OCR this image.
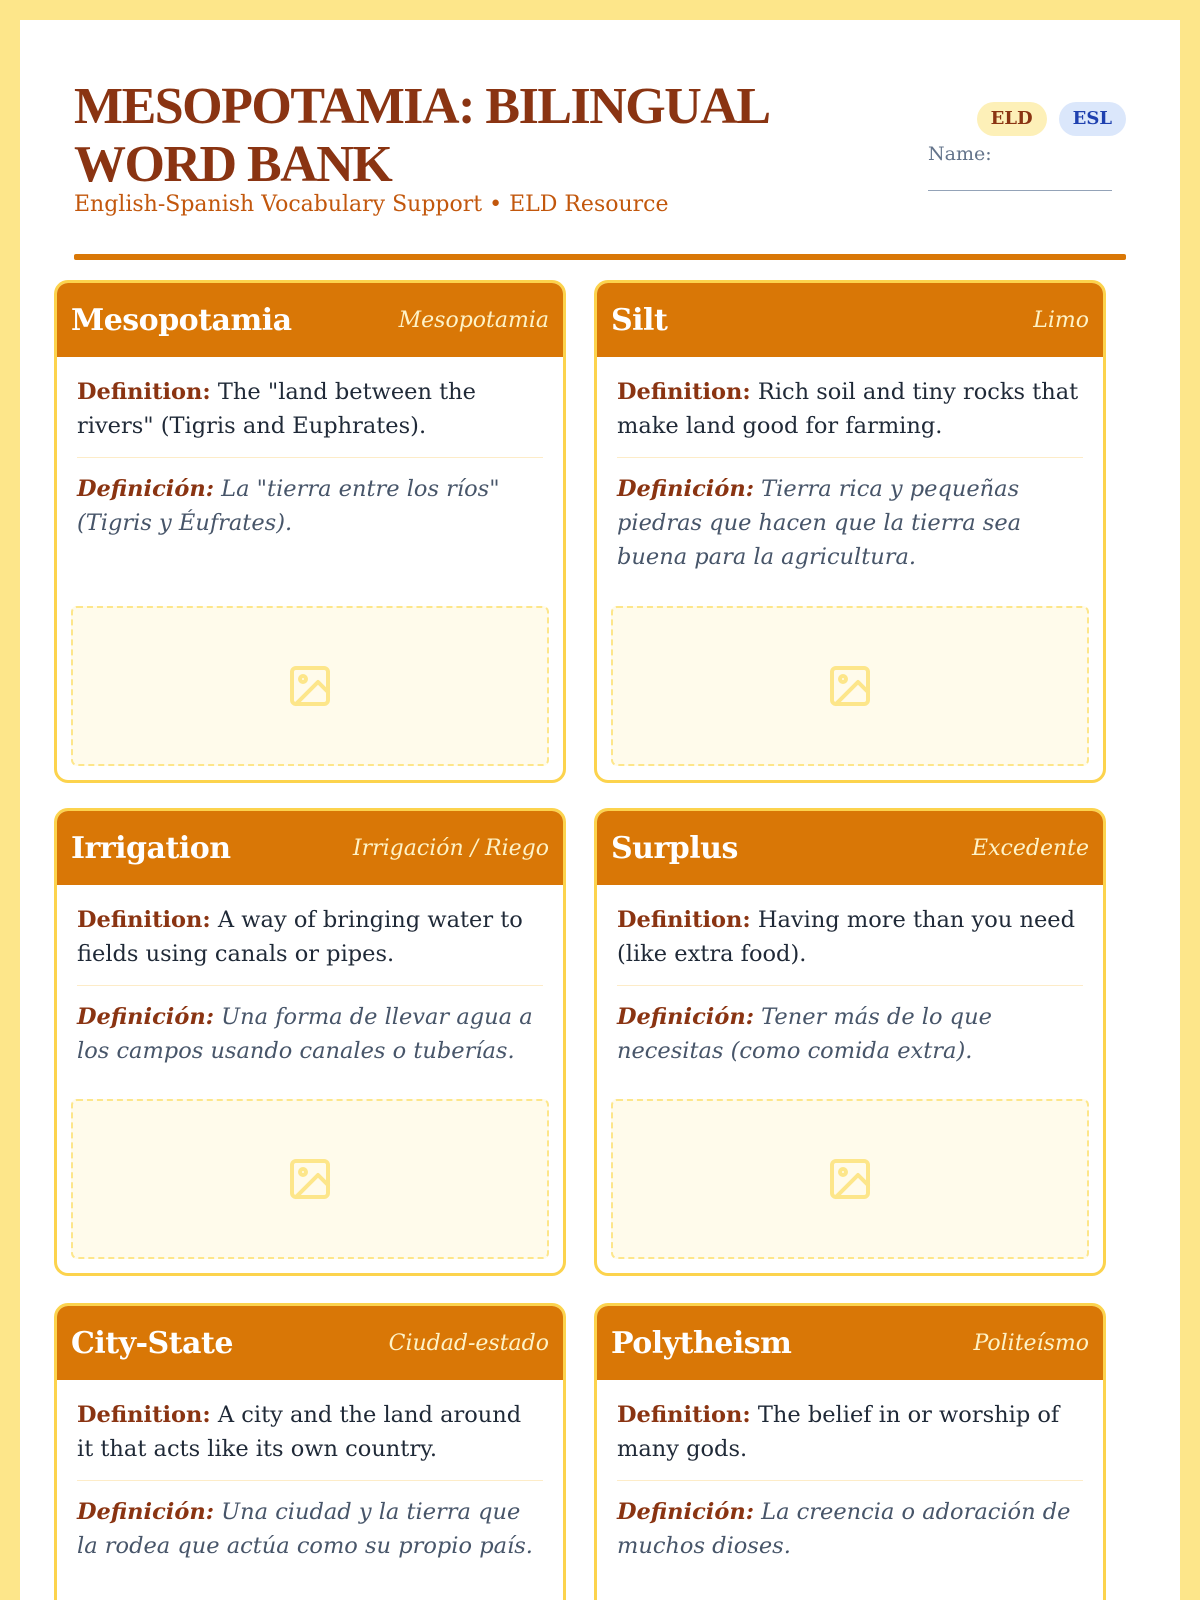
MESOPOTAMIA: BILINGUAL WORD BANK
English-Spanish Vocabulary Support • ELD Resource
ELD	ESL
Name:
Mesopotamia	Mesopotamia

Definition: The "land between the rivers" (Tigris and Euphrates).

Definición: La "tierra entre los ríos" (Tigris y Éufrates).

Silt	Limo

Definition: Rich soil and tiny rocks that make land good for farming.

Definición: Tierra rica y pequeñas piedras que hacen que la tierra sea buena para la agricultura.

Irrigation	Irrigación / Riego

Definition: A way of bringing water to fields using canals or pipes.

Definición: Una forma de llevar agua a los campos usando canales o tuberías.

Surplus	Excedente

Definition: Having more than you need (like extra food).

Definición: Tener más de lo que necesitas (como comida extra).

City-State	Ciudad-estado

Definition: A city and the land around it that acts like its own country.

Definición: Una ciudad y la tierra que la rodea que actúa como su propio país.

Polytheism	Politeísmo

Definition: The belief in or worship of many gods.

Definición: La creencia o adoración de muchos dioses.
